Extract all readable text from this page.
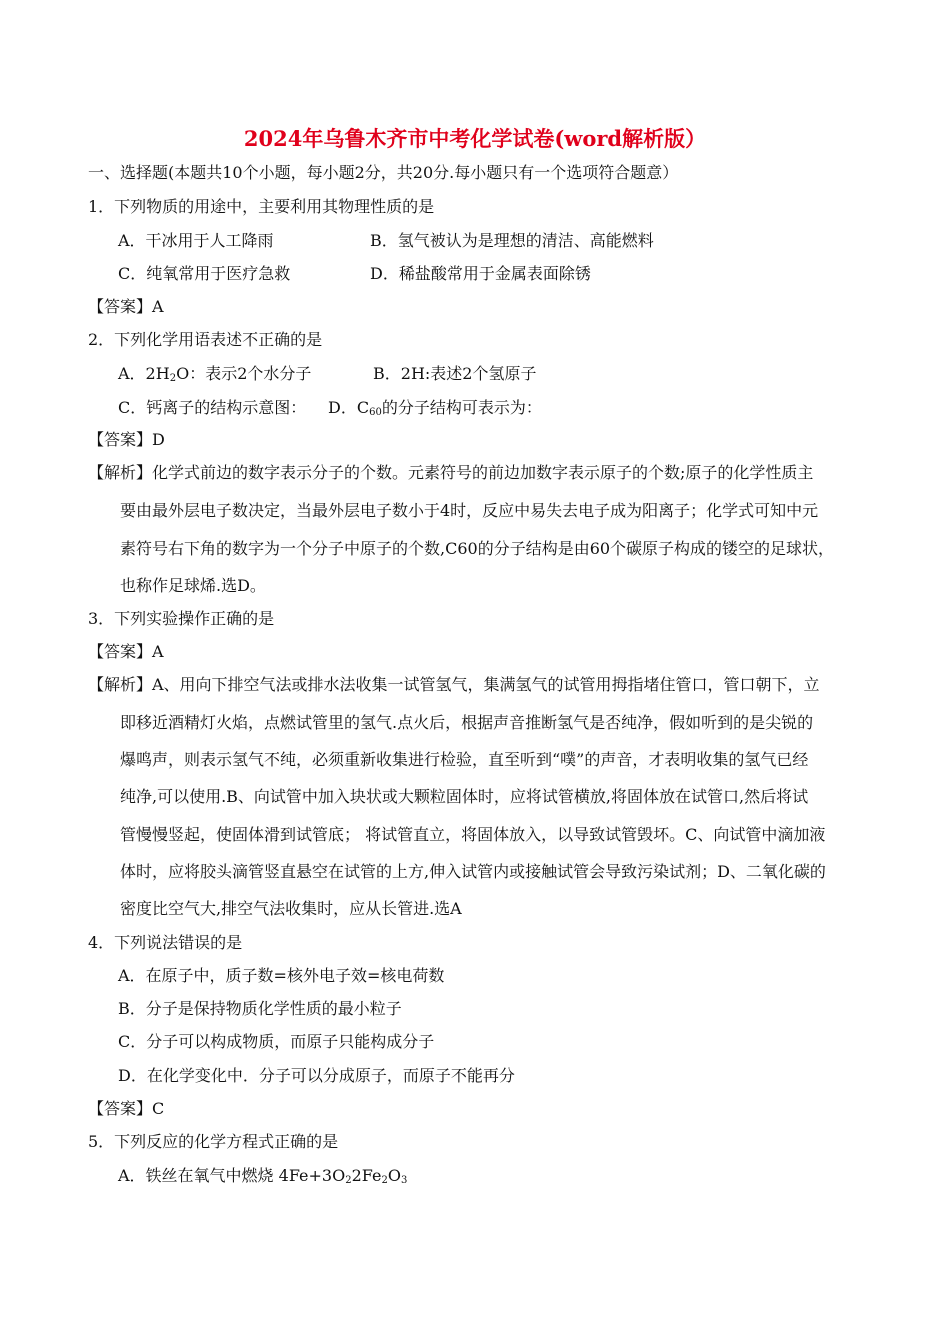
2024年乌鲁木齐市中考化学试卷(word解析版）
一、选择题(本题共10个小题，每小题2分，共20分.每小题只有一个选项符合题意）
1．下列物质的用途中，主要利用其物理性质的是
A．干冰用于人工降雨	B．氢气被认为是理想的清洁、高能燃料
C．纯氧常用于医疗急救	D．稀盐酸常用于金属表面除锈
【答案】A
2．下列化学用语表述不正确的是
A．$2H_2O$：表示2个水分子	B．2H:表述2个氢原子
C．钙离子的结构示意图： D．$C_{60}$的分子结构可表示为：
【答案】D
【解析】化学式前边的数字表示分子的个数。元素符号的前边加数字表示原子的个数;原子的化学性质主
要由最外层电子数决定，当最外层电子数小于4时，反应中易失去电子成为阳离子；化学式可知中元
素符号右下角的数字为一个分子中原子的个数,C60的分子结构是由60个碳原子构成的镂空的足球状，
也称作足球烯.选D。
3．下列实验操作正确的是
【答案】A
【解析】A、用向下排空气法或排水法收集一试管氢气，集满氢气的试管用拇指堵住管口，管口朝下，立
即移近酒精灯火焰，点燃试管里的氢气.点火后，根据声音推断氢气是否纯净，假如听到的是尖锐的
爆鸣声，则表示氢气不纯，必须重新收集进行检验，直至听到“噗”的声音，才表明收集的氢气已经
纯净,可以使用.B、向试管中加入块状或大颗粒固体时，应将试管横放,将固体放在试管口,然后将试
管慢慢竖起，使固体滑到试管底； 将试管直立，将固体放入，以导致试管毁坏。C、向试管中滴加液
体时，应将胶头滴管竖直悬空在试管的上方,伸入试管内或接触试管会导致污染试剂；D、二氧化碳的
密度比空气大,排空气法收集时，应从长管进.选A
4．下列说法错误的是
A．在原子中，质子数=核外电子效=核电荷数
B．分子是保持物质化学性质的最小粒子
C．分子可以构成物质，而原子只能构成分子
D．在化学变化中．分子可以分成原子，而原子不能再分
【答案】C
5．下列反应的化学方程式正确的是
A．铁丝在氧气中燃烧 $4Fe+3O_22Fe_2O_3$
